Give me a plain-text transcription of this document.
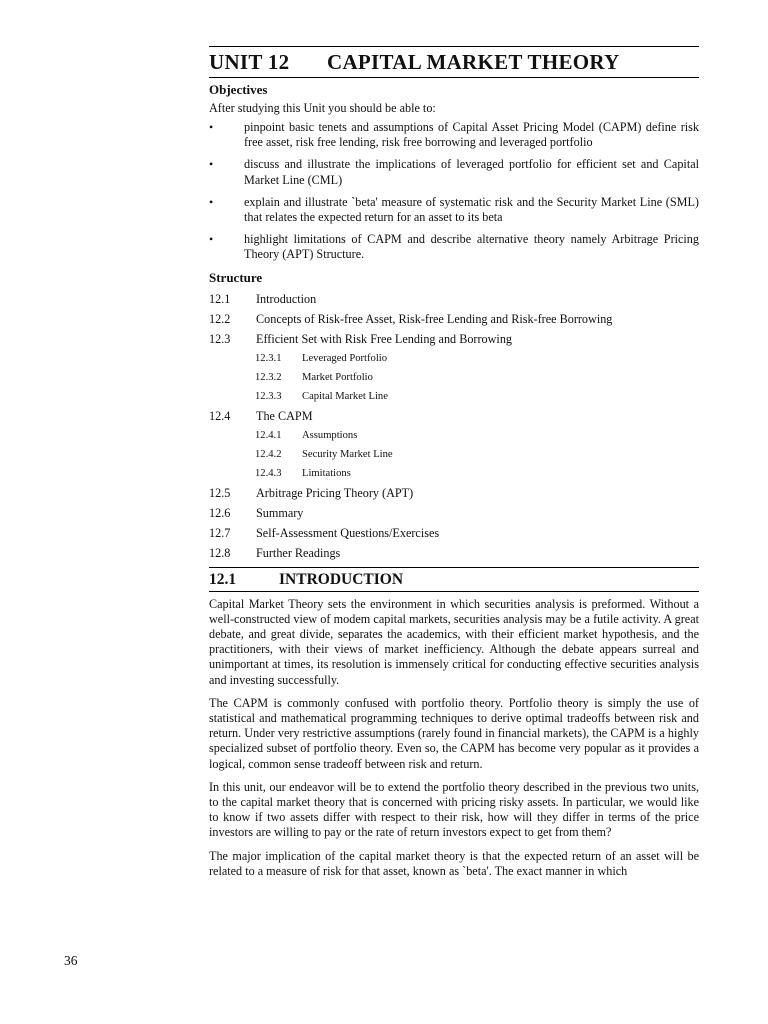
UNIT 12	CAPITAL MARKET THEORY
Objectives
After studying this Unit you should be able to:
•	pinpoint basic tenets and assumptions of Capital Asset Pricing Model (CAPM) define risk free asset, risk free lending, risk free borrowing and leveraged portfolio
•	discuss and illustrate the implications of leveraged portfolio for efficient set and Capital Market Line (CML)
•	explain and illustrate `beta' measure of systematic risk and the Security Market Line (SML) that relates the expected return for an asset to its beta
•	highlight limitations of CAPM and describe alternative theory namely Arbitrage Pricing Theory (APT) Structure.
Structure
12.1	Introduction
12.2	Concepts of Risk-free Asset, Risk-free Lending and Risk-free Borrowing
12.3	Efficient Set with Risk Free Lending and Borrowing
12.3.1	Leveraged Portfolio
12.3.2	Market Portfolio
12.3.3	Capital Market Line
12.4	The CAPM
12.4.1	Assumptions
12.4.2	Security Market Line
12.4.3	Limitations
12.5	Arbitrage Pricing Theory (APT)
12.6	Summary
12.7	Self-Assessment Questions/Exercises
12.8	Further Readings
12.1	INTRODUCTION

Capital Market Theory sets the environment in which securities analysis is preformed. Without a well-constructed view of modem capital markets, securities analysis may be a futile activity. A great debate, and great divide, separates the academics, with their efficient market hypothesis, and the practitioners, with their views of market inefficiency. Although the debate appears surreal and unimportant at times, its resolution is immensely critical for conducting effective securities analysis and investing successfully.

The CAPM is commonly confused with portfolio theory. Portfolio theory is simply the use of statistical and mathematical programming techniques to derive optimal tradeoffs between risk and return. Under very restrictive assumptions (rarely found in financial markets), the CAPM is a highly specialized subset of portfolio theory. Even so, the CAPM has become very popular as it provides a logical, common sense tradeoff between risk and return.

In this unit, our endeavor will be to extend the portfolio theory described in the previous two units, to the capital market theory that is concerned with pricing risky assets. In particular, we would like to know if two assets differ with respect to their risk, how will they differ in terms of the price investors are willing to pay or the rate of return investors expect to get from them?

The major implication of the capital market theory is that the expected return of an asset will be related to a measure of risk for that asset, known as `beta'. The exact manner in which

36
